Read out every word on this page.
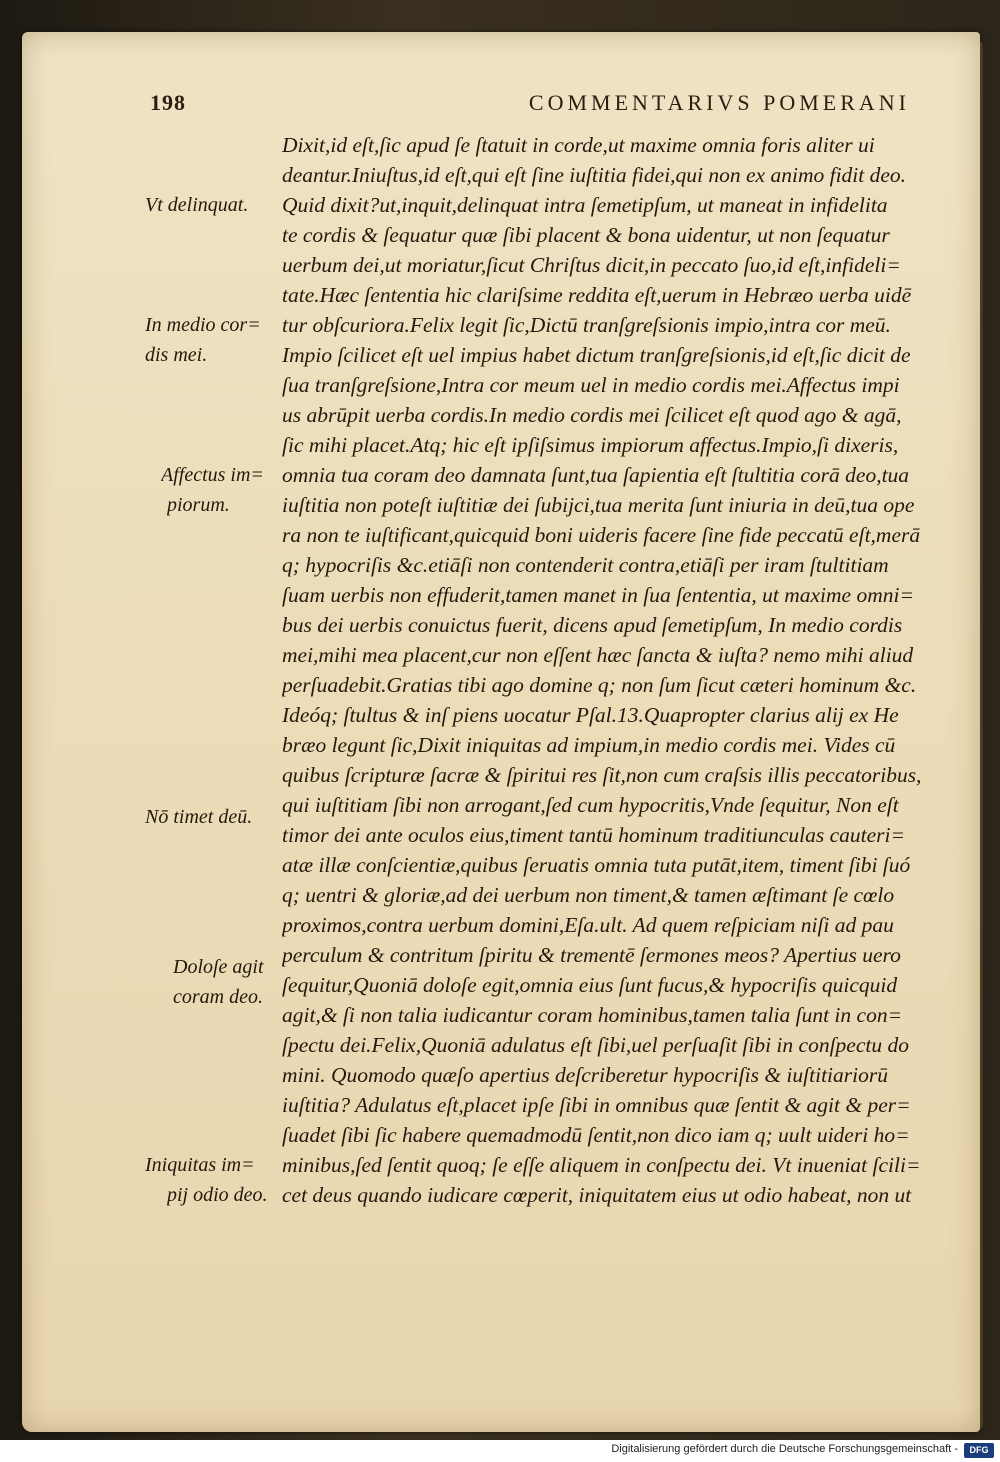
198	COMMENTARIVS POMERANI
Dixit,id eſt,ſic apud ſe ſtatuit in corde,ut maxime omnia foris aliter ui
deantur.Iniuſtus,id eſt,qui eſt ſine iuſtitia fidei,qui non ex animo fidit deo.
Quid dixit?ut,inquit,delinquat intra ſemetipſum, ut maneat in infidelita
te cordis & ſequatur quæ ſibi placent & bona uidentur, ut non ſequatur
uerbum dei,ut moriatur,ſicut Chriſtus dicit,in peccato ſuo,id eſt,infideli=
tate.Hæc ſententia hic clariſsime reddita eſt,uerum in Hebræo uerba uidē
tur obſcuriora.Felix legit ſic,Dictū tranſgreſsionis impio,intra cor meū.
Impio ſcilicet eſt uel impius habet dictum tranſgreſsionis,id eſt,ſic dicit de
ſua tranſgreſsione,Intra cor meum uel in medio cordis mei.Affectus impi
us abrūpit uerba cordis.In medio cordis mei ſcilicet eſt quod ago & agā,
ſic mihi placet.Atq; hic eſt ipſiſsimus impiorum affectus.Impio,ſi dixeris,
omnia tua coram deo damnata ſunt,tua ſapientia eſt ſtultitia corā deo,tua
iuſtitia non poteſt iuſtitiæ dei ſubijci,tua merita ſunt iniuria in deū,tua ope
ra non te iuſtificant,quicquid boni uideris facere ſine fide peccatū eſt,merā
q; hypocriſis &c.etiāſi non contenderit contra,etiāſi per iram ſtultitiam
ſuam uerbis non effuderit,tamen manet in ſua ſententia, ut maxime omni=
bus dei uerbis conuictus fuerit, dicens apud ſemetipſum, In medio cordis
mei,mihi mea placent,cur non eſſent hæc ſancta & iuſta? nemo mihi aliud
perſuadebit.Gratias tibi ago domine q; non ſum ſicut cæteri hominum &c.
Ideóq; ſtultus & inſ piens uocatur Pſal.13.Quapropter clarius alij ex He
bræo legunt ſic,Dixit iniquitas ad impium,in medio cordis mei. Vides cū
quibus ſcripturæ ſacræ & ſpiritui res ſit,non cum craſsis illis peccatoribus,
qui iuſtitiam ſibi non arrogant,ſed cum hypocritis,Vnde ſequitur, Non eſt
timor dei ante oculos eius,timent tantū hominum traditiunculas cauteri=
atæ illæ conſcientiæ,quibus ſeruatis omnia tuta putāt,item, timent ſibi ſuó
q; uentri & gloriæ,ad dei uerbum non timent,& tamen æſtimant ſe cœlo
proximos,contra uerbum domini,Eſa.ult. Ad quem reſpiciam niſi ad pau
perculum & contritum ſpiritu & trementē ſermones meos? Apertius uero
ſequitur,Quoniā doloſe egit,omnia eius ſunt fucus,& hypocriſis quicquid
agit,& ſi non talia iudicantur coram hominibus,tamen talia ſunt in con=
ſpectu dei.Felix,Quoniā adulatus eſt ſibi,uel perſuaſit ſibi in conſpectu do
mini. Quomodo quæſo apertius deſcriberetur hypocriſis & iuſtitiariorū
iuſtitia? Adulatus eſt,placet ipſe ſibi in omnibus quæ ſentit & agit & per=
ſuadet ſibi ſic habere quemadmodū ſentit,non dico iam q; uult uideri ho=
minibus,ſed ſentit quoq; ſe eſſe aliquem in conſpectu dei. Vt inueniat ſcili=
cet deus quando iudicare cœperit, iniquitatem eius ut odio habeat, non ut
Vt delinquat.
In medio cor=
dis mei.
Affectus im=
piorum.
Nō timet deū.
Doloſe agit
coram deo.
Iniquitas im=
pij odio deo.
Digitalisierung gefördert durch die Deutsche Forschungsgemeinschaft -	DFG
